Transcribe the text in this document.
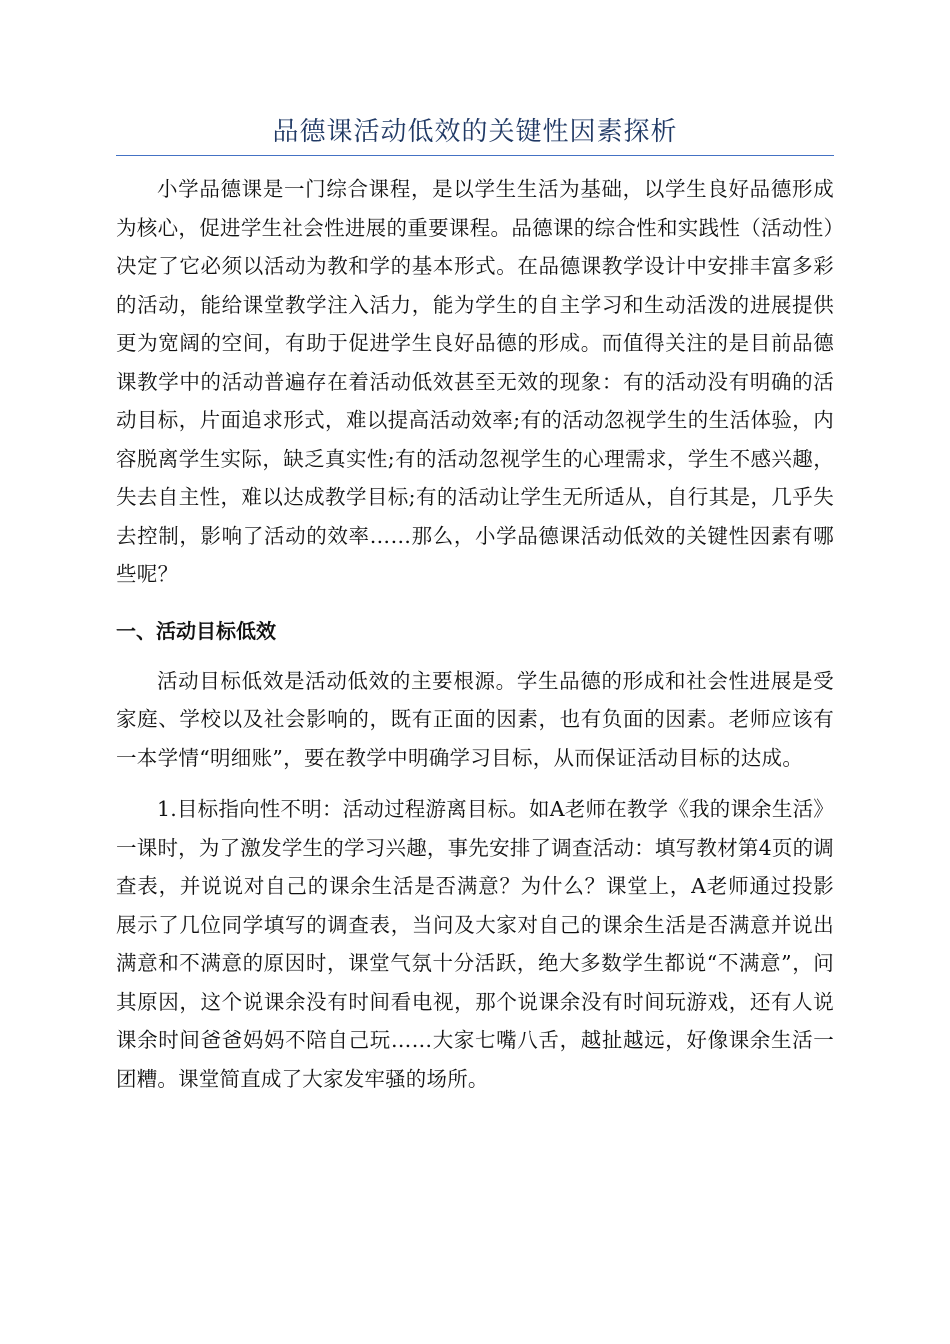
品德课活动低效的关键性因素探析

小学品德课是一门综合课程，是以学生生活为基础，以学生良好品德形成为核心，促进学生社会性进展的重要课程。品德课的综合性和实践性（活动性）决定了它必须以活动为教和学的基本形式。在品德课教学设计中安排丰富多彩的活动，能给课堂教学注入活力，能为学生的自主学习和生动活泼的进展提供更为宽阔的空间，有助于促进学生良好品德的形成。而值得关注的是目前品德课教学中的活动普遍存在着活动低效甚至无效的现象：有的活动没有明确的活动目标，片面追求形式，难以提高活动效率;有的活动忽视学生的生活体验，内容脱离学生实际，缺乏真实性;有的活动忽视学生的心理需求，学生不感兴趣，失去自主性，难以达成教学目标;有的活动让学生无所适从，自行其是，几乎失去控制，影响了活动的效率……那么，小学品德课活动低效的关键性因素有哪些呢？

一、活动目标低效

活动目标低效是活动低效的主要根源。学生品德的形成和社会性进展是受家庭、学校以及社会影响的，既有正面的因素，也有负面的因素。老师应该有一本学情“明细账”，要在教学中明确学习目标，从而保证活动目标的达成。

1.目标指向性不明：活动过程游离目标。如A老师在教学《我的课余生活》一课时，为了激发学生的学习兴趣，事先安排了调查活动：填写教材第4页的调查表，并说说对自己的课余生活是否满意？为什么？课堂上，A老师通过投影展示了几位同学填写的调查表，当问及大家对自己的课余生活是否满意并说出满意和不满意的原因时，课堂气氛十分活跃，绝大多数学生都说“不满意”，问其原因，这个说课余没有时间看电视，那个说课余没有时间玩游戏，还有人说课余时间爸爸妈妈不陪自己玩……大家七嘴八舌，越扯越远，好像课余生活一团糟。课堂简直成了大家发牢骚的场所。
